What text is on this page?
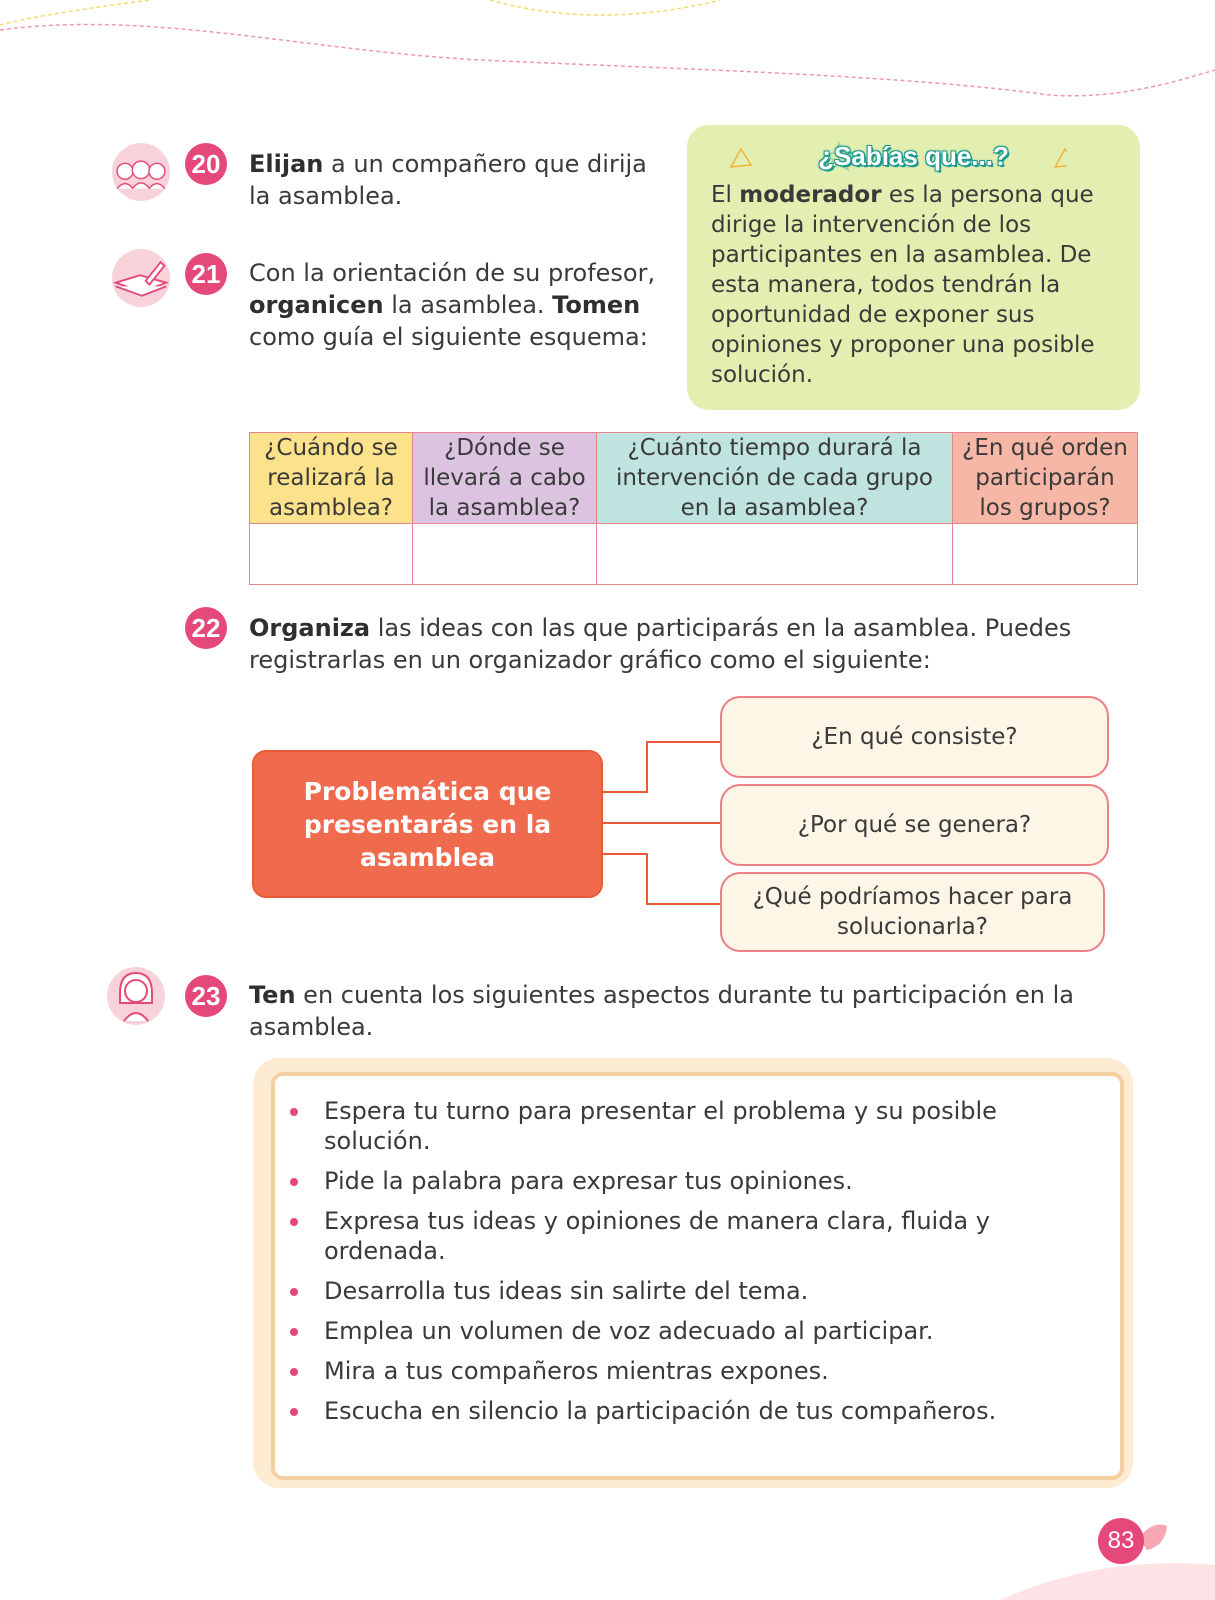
20 Elijan a un compañero que dirija la asamblea.
21 Con la orientación de su profesor, organicen la asamblea. Tomen como guía el siguiente esquema:
¿Sabías que...?
El moderador es la persona que dirige la intervención de los participantes en la asamblea. De esta manera, todos tendrán la oportunidad de exponer sus opiniones y proponer una posible solución.
¿Cuándo se realizará la asamblea?	¿Dónde se llevará a cabo la asamblea?	¿Cuánto tiempo durará la intervención de cada grupo en la asamblea?	¿En qué orden participarán los grupos?

22 Organiza las ideas con las que participarás en la asamblea. Puedes registrarlas en un organizador gráfico como el siguiente:
Problemática que presentarás en la asamblea
¿En qué consiste?
¿Por qué se genera?
¿Qué podríamos hacer para solucionarla?
23 Ten en cuenta los siguientes aspectos durante tu participación en la asamblea.
Espera tu turno para presentar el problema y su posible solución.
Pide la palabra para expresar tus opiniones.
Expresa tus ideas y opiniones de manera clara, fluida y ordenada.
Desarrolla tus ideas sin salirte del tema.
Emplea un volumen de voz adecuado al participar.
Mira a tus compañeros mientras expones.
Escucha en silencio la participación de tus compañeros.
83
